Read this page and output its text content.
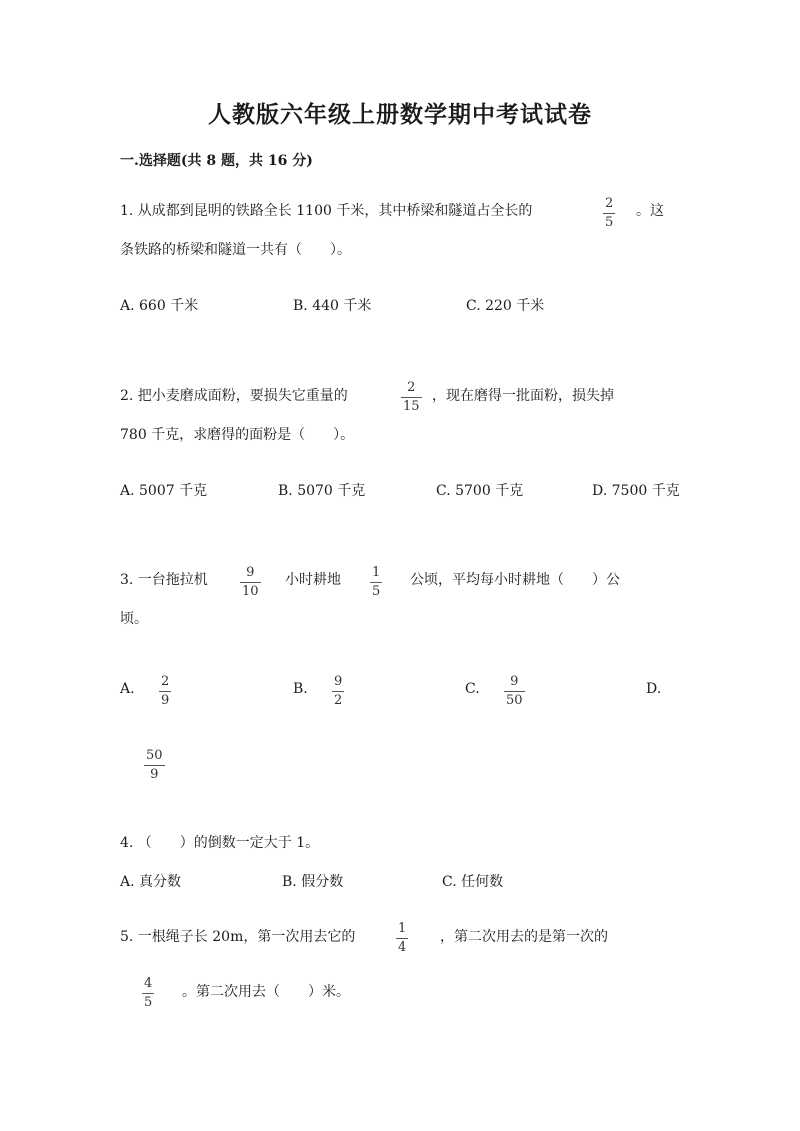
人教版六年级上册数学期中考试试卷
一.选择题(共 8 题，共 16 分)
1. 从成都到昆明的铁路全长 1100 千米，其中桥梁和隧道占全长的	2
5
。这
条铁路的桥梁和隧道一共有（　　）。
A. 660 千米	B. 440 千米	C. 220 千米
2. 把小麦磨成面粉，要损失它重量的
2
15
，现在磨得一批面粉，损失掉
780 千克，求磨得的面粉是（　　）。
A. 5007 千克	B. 5070 千克	C. 5700 千克	D. 7500 千克
3. 一台拖拉机	9
10
小时耕地 1
5
公顷，平均每小时耕地（　　）公
顷。
A. 2
9
B. 9
2
C. 9
50
D.
50
9
4. （　　）的倒数一定大于 1。
A. 真分数	B. 假分数	C. 任何数
5. 一根绳子长 20m，第一次用去它的
1
4
，第二次用去的是第一次的
4
5
。第二次用去（　　）米。
